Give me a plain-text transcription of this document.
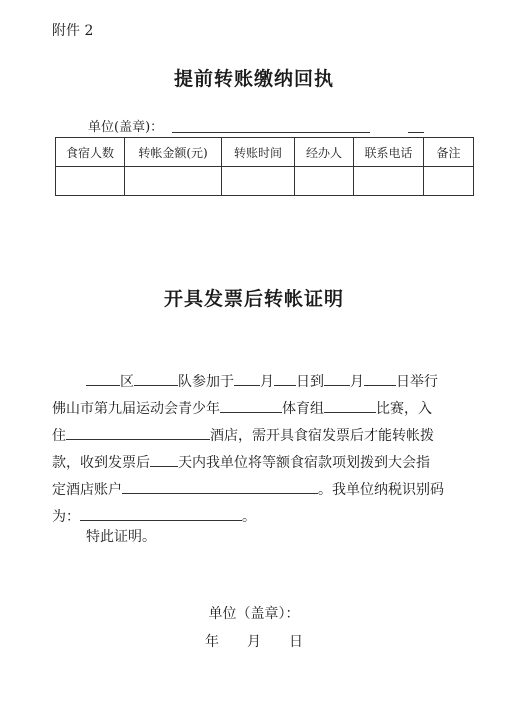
附件 2
提前转账缴纳回执
单位(盖章)：
食宿人数	转帐金额(元)	转账时间	经办人	联系电话	备注

开具发票后转帐证明
区	队参加于 月 日到 月 日举行
佛山市第九届运动会青少年	体育组	比赛，入
住	酒店，需开具食宿发票后才能转帐拨
款，收到发票后 天内我单位将等额食宿款项划拨到大会指
定酒店账户	。我单位纳税识别码
为：	。
特此证明。
单位（盖章）：
年　　月　　日
